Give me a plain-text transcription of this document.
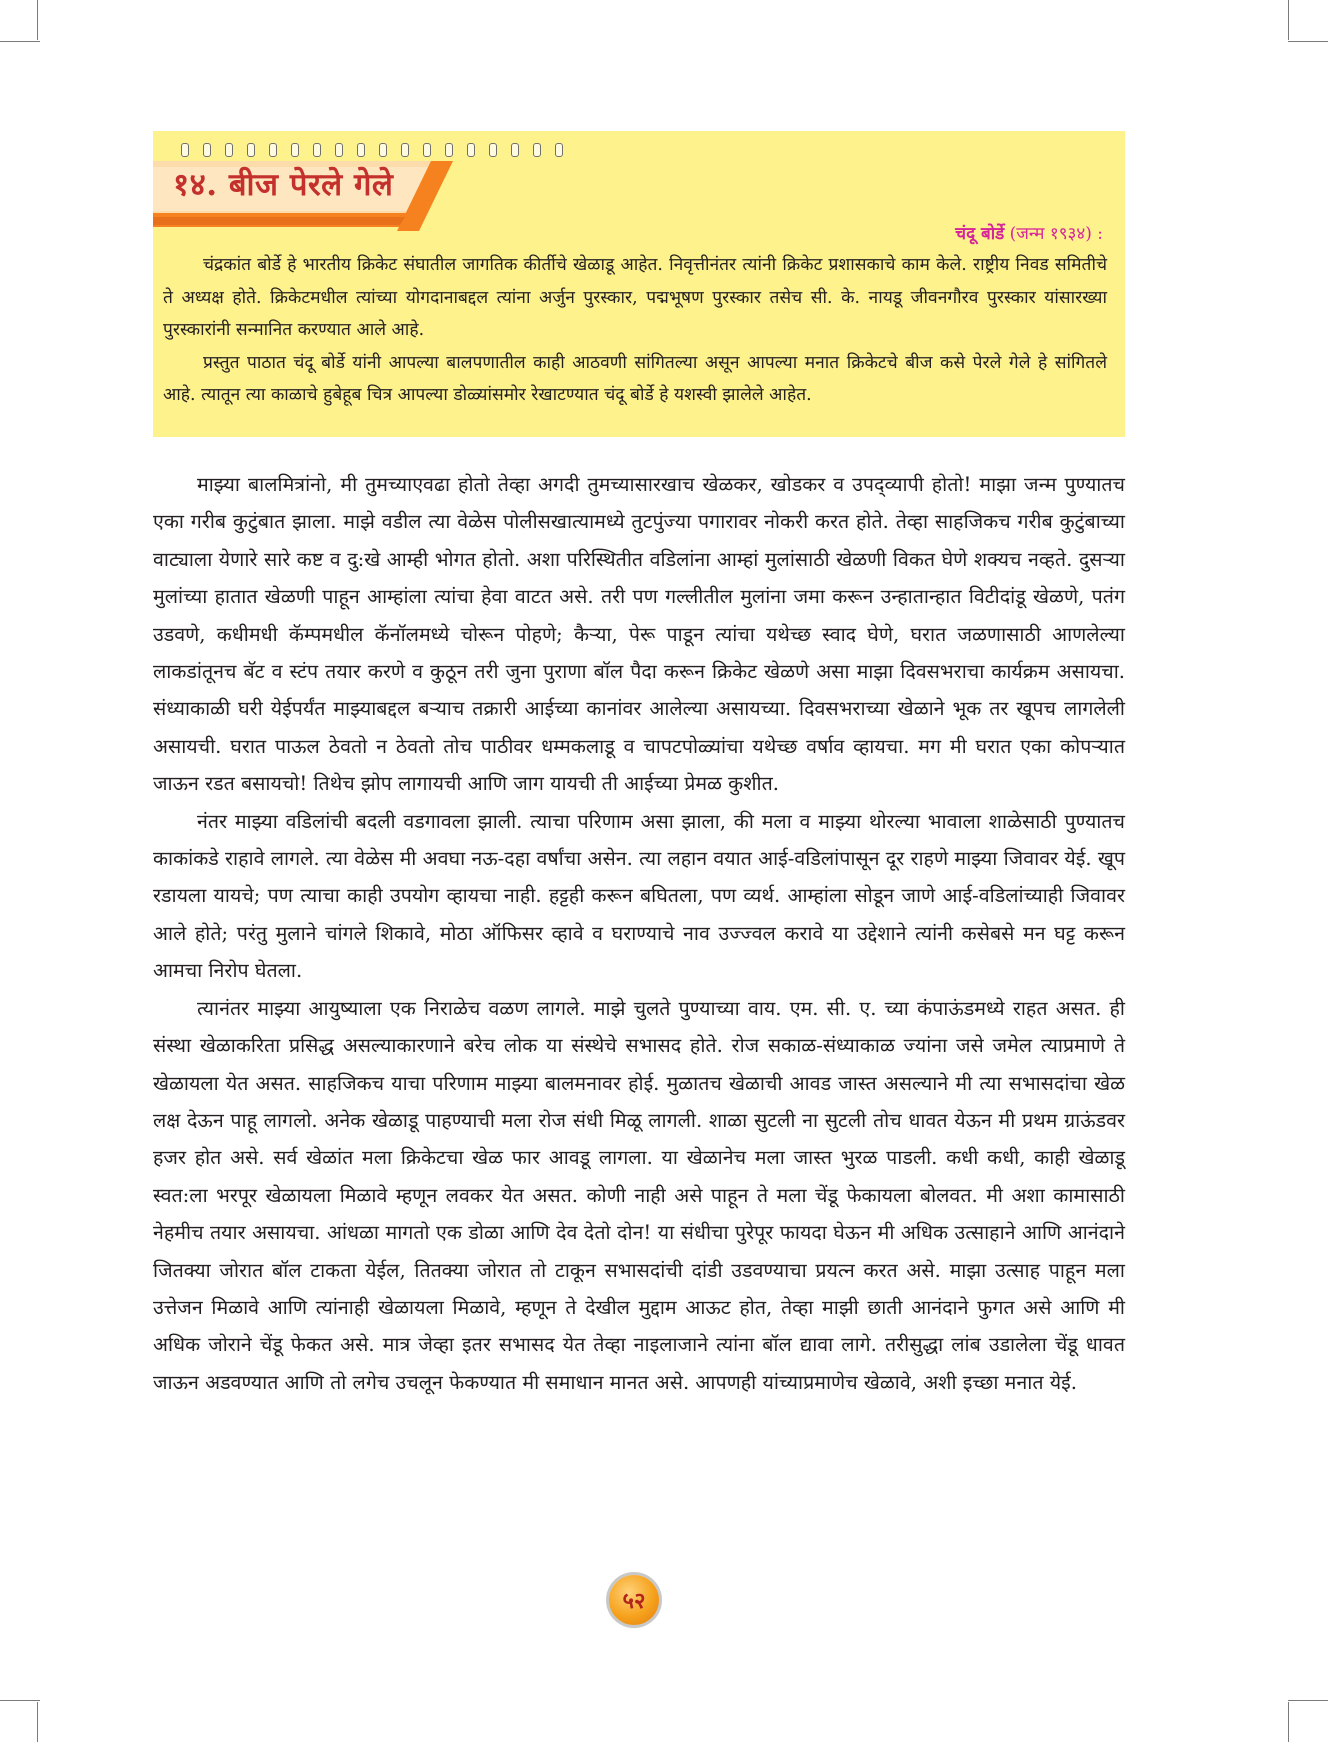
१४. बीज पेरले गेले
चंदू बोर्डे (जन्म १९३४) :

चंद्रकांत बोर्डे हे भारतीय क्रिकेट संघातील जागतिक कीर्तीचे खेळाडू आहेत. निवृत्तीनंतर त्यांनी क्रिकेट प्रशासकाचे काम केले. राष्ट्रीय निवड समितीचे ते अध्यक्ष होते. क्रिकेटमधील त्यांच्या योगदानाबद्दल त्यांना अर्जुन पुरस्कार, पद्मभूषण पुरस्कार तसेच सी. के. नायडू जीवनगौरव पुरस्कार यांसारख्या पुरस्कारांनी सन्मानित करण्यात आले आहे.

प्रस्तुत पाठात चंदू बोर्डे यांनी आपल्या बालपणातील काही आठवणी सांगितल्या असून आपल्या मनात क्रिकेटचे बीज कसे पेरले गेले हे सांगितले आहे. त्यातून त्या काळाचे हुबेहूब चित्र आपल्या डोळ्यांसमोर रेखाटण्यात चंदू बोर्डे हे यशस्वी झालेले आहेत.

माझ्या बालमित्रांनो, मी तुमच्याएवढा होतो तेव्हा अगदी तुमच्यासारखाच खेळकर, खोडकर व उपद्‌व्यापी होतो! माझा जन्म पुण्यातच एका गरीब कुटुंबात झाला. माझे वडील त्या वेळेस पोलीसखात्यामध्ये तुटपुंज्या पगारावर नोकरी करत होते. तेव्हा साहजिकच गरीब कुटुंबाच्या वाट्याला येणारे सारे कष्ट व दु:खे आम्ही भोगत होतो. अशा परिस्थितीत वडिलांना आम्हां मुलांसाठी खेळणी विकत घेणे शक्यच नव्हते. दुसऱ्या मुलांच्या हातात खेळणी पाहून आम्हांला त्यांचा हेवा वाटत असे. तरी पण गल्लीतील मुलांना जमा करून उन्हातान्हात विटीदांडू खेळणे, पतंग उडवणे, कधीमधी कॅम्पमधील कॅनॉलमध्ये चोरून पोहणे; कैऱ्या, पेरू पाडून त्यांचा यथेच्छ स्वाद घेणे, घरात जळणासाठी आणलेल्या लाकडांतूनच बॅट व स्टंप तयार करणे व कुठून तरी जुना पुराणा बॉल पैदा करून क्रिकेट खेळणे असा माझा दिवसभराचा कार्यक्रम असायचा. संध्याकाळी घरी येईपर्यंत माझ्याबद्दल बऱ्याच तक्रारी आईच्या कानांवर आलेल्या असायच्या. दिवसभराच्या खेळाने भूक तर खूपच लागलेली असायची. घरात पाऊल ठेवतो न ठेवतो तोच पाठीवर धम्मकलाडू व चापटपोळ्यांचा यथेच्छ वर्षाव व्हायचा. मग मी घरात एका कोपऱ्यात जाऊन रडत बसायचो! तिथेच झोप लागायची आणि जाग यायची ती आईच्या प्रेमळ कुशीत.

नंतर माझ्या वडिलांची बदली वडगावला झाली. त्याचा परिणाम असा झाला, की मला व माझ्या थोरल्या भावाला शाळेसाठी पुण्यातच काकांकडे राहावे लागले. त्या वेळेस मी अवघा नऊ-दहा वर्षांचा असेन. त्या लहान वयात आई-वडिलांपासून दूर राहणे माझ्या जिवावर येई. खूप रडायला यायचे; पण त्याचा काही उपयोग व्हायचा नाही. हट्टही करून बघितला, पण व्यर्थ. आम्हांला सोडून जाणे आई-वडिलांच्याही जिवावर आले होते; परंतु मुलाने चांगले शिकावे, मोठा ऑफिसर व्हावे व घराण्याचे नाव उज्ज्वल करावे या उद्देशाने त्यांनी कसेबसे मन घट्ट करून आमचा निरोप घेतला.

त्यानंतर माझ्या आयुष्याला एक निराळेच वळण लागले. माझे चुलते पुण्याच्या वाय. एम. सी. ए. च्या कंपाऊंडमध्ये राहत असत. ही संस्था खेळाकरिता प्रसिद्ध असल्याकारणाने बरेच लोक या संस्थेचे सभासद होते. रोज सकाळ-संध्याकाळ ज्यांना जसे जमेल त्याप्रमाणे ते खेळायला येत असत. साहजिकच याचा परिणाम माझ्या बालमनावर होई. मुळातच खेळाची आवड जास्त असल्याने मी त्या सभासदांचा खेळ लक्ष देऊन पाहू लागलो. अनेक खेळाडू पाहण्याची मला रोज संधी मिळू लागली. शाळा सुटली ना सुटली तोच धावत येऊन मी प्रथम ग्राऊंडवर हजर होत असे. सर्व खेळांत मला क्रिकेटचा खेळ फार आवडू लागला. या खेळानेच मला जास्त भुरळ पाडली. कधी कधी, काही खेळाडू स्वत:ला भरपूर खेळायला मिळावे म्हणून लवकर येत असत. कोणी नाही असे पाहून ते मला चेंडू फेकायला बोलवत. मी अशा कामासाठी नेहमीच तयार असायचा. आंधळा मागतो एक डोळा आणि देव देतो दोन! या संधीचा पुरेपूर फायदा घेऊन मी अधिक उत्साहाने आणि आनंदाने जितक्या जोरात बॉल टाकता येईल, तितक्या जोरात तो टाकून सभासदांची दांडी उडवण्याचा प्रयत्न करत असे. माझा उत्साह पाहून मला उत्तेजन मिळावे आणि त्यांनाही खेळायला मिळावे, म्हणून ते देखील मुद्दाम आऊट होत, तेव्हा माझी छाती आनंदाने फुगत असे आणि मी अधिक जोराने चेंडू फेकत असे. मात्र जेव्हा इतर सभासद येत तेव्हा नाइलाजाने त्यांना बॉल द्यावा लागे. तरीसुद्धा लांब उडालेला चेंडू धावत जाऊन अडवण्यात आणि तो लगेच उचलून फेकण्यात मी समाधान मानत असे. आपणही यांच्याप्रमाणेच खेळावे, अशी इच्छा मनात येई.

५२
